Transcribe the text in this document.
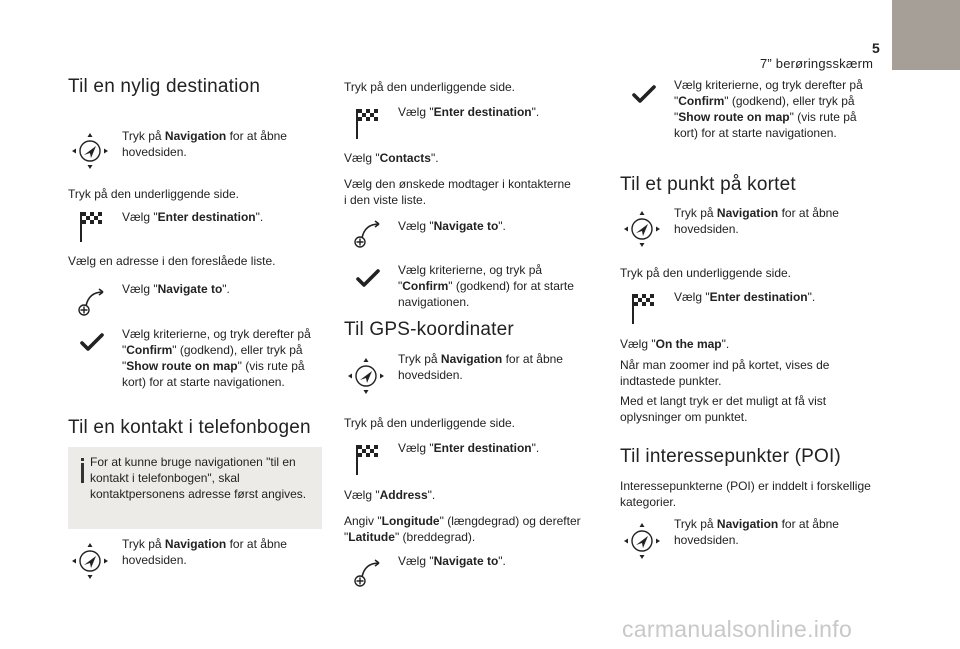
5
7” berøringsskærm
Til en nylig destination
Tryk på Navigation for at åbne hovedsiden.
Tryk på den underliggende side.
Vælg "Enter destination".
Vælg en adresse i den foreslåede liste.
Vælg "Navigate to".
Vælg kriterierne, og tryk derefter på "Confirm" (godkend), eller tryk på "Show route on map" (vis rute på kort) for at starte navigationen.
Til en kontakt i telefonbogen
For at kunne bruge navigationen "til en kontakt i telefonbogen", skal kontaktpersonens adresse først angives.
Tryk på Navigation for at åbne hovedsiden.
Tryk på den underliggende side.
Vælg "Enter destination".
Vælg "Contacts".
Vælg den ønskede modtager i kontakterne i den viste liste.
Vælg "Navigate to".
Vælg kriterierne, og tryk på "Confirm" (godkend) for at starte navigationen.
Til GPS-koordinater
Tryk på Navigation for at åbne hovedsiden.
Tryk på den underliggende side.
Vælg "Enter destination".
Vælg "Address".
Angiv "Longitude" (længdegrad) og derefter "Latitude" (breddegrad).
Vælg "Navigate to".
Vælg kriterierne, og tryk derefter på "Confirm" (godkend), eller tryk på "Show route on map" (vis rute på kort) for at starte navigationen.
Til et punkt på kortet
Tryk på Navigation for at åbne hovedsiden.
Tryk på den underliggende side.
Vælg "Enter destination".
Vælg "On the map".
Når man zoomer ind på kortet, vises de indtastede punkter.
Med et langt tryk er det muligt at få vist oplysninger om punktet.
Til interessepunkter (POI)
Interessepunkterne (POI) er inddelt i forskellige kategorier.
Tryk på Navigation for at åbne hovedsiden.
carmanualsonline.info
